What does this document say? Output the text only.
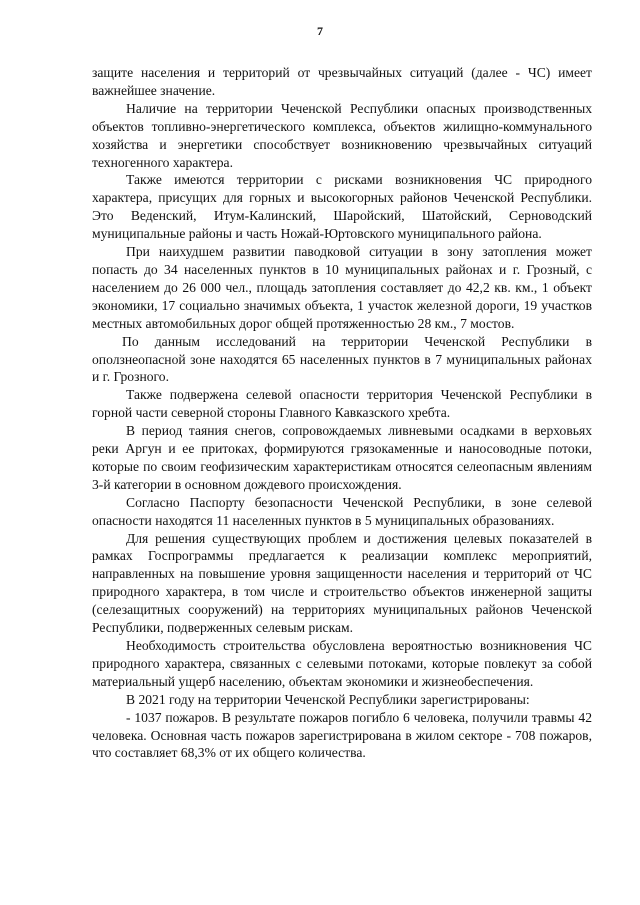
7

защите населения и территорий от чрезвычайных ситуаций (далее - ЧС) имеет важнейшее значение.

Наличие на территории Чеченской Республики опасных производственных объектов топливно-энергетического комплекса, объектов жилищно-коммунального хозяйства и энергетики способствует возникновению чрезвычайных ситуаций техногенного характера.

Также имеются территории с рисками возникновения ЧС природного характера, присущих для горных и высокогорных районов Чеченской Республики. Это Веденский, Итум-Калинский, Шаройский, Шатойский, Серноводский муниципальные районы и часть Ножай-Юртовского муниципального района.

При наихудшем развитии паводковой ситуации в зону затопления может попасть до 34 населенных пунктов в 10 муниципальных районах и г. Грозный, с населением до 26 000 чел., площадь затопления составляет до 42,2 кв. км., 1 объект экономики, 17 социально значимых объекта, 1 участок железной дороги, 19 участков местных автомобильных дорог общей протяженностью 28 км., 7 мостов.

По данным исследований на территории Чеченской Республики в оползнеопасной зоне находятся 65 населенных пунктов в 7 муниципальных районах и г. Грозного.

Также подвержена селевой опасности территория Чеченской Республики в горной части северной стороны Главного Кавказского хребта.

В период таяния снегов, сопровождаемых ливневыми осадками в верховьях реки Аргун и ее притоках, формируются грязокаменные и наносоводные потоки, которые по своим геофизическим характеристикам относятся селеопасным явлениям 3-й категории в основном дождевого происхождения.

Согласно Паспорту безопасности Чеченской Республики, в зоне селевой опасности находятся 11 населенных пунктов в 5 муниципальных образованиях.

Для решения существующих проблем и достижения целевых показателей в рамках Госпрограммы предлагается к реализации комплекс мероприятий, направленных на повышение уровня защищенности населения и территорий от ЧС природного характера, в том числе и строительство объектов инженерной защиты (селезащитных сооружений) на территориях муниципальных районов Чеченской Республики, подверженных селевым рискам.

Необходимость строительства обусловлена вероятностью возникновения ЧС природного характера, связанных с селевыми потоками, которые повлекут за собой материальный ущерб населению, объектам экономики и жизнеобеспечения.

В 2021 году на территории Чеченской Республики зарегистрированы:

- 1037 пожаров. В результате пожаров погибло 6 человека, получили травмы 42 человека. Основная часть пожаров зарегистрирована в жилом секторе - 708 пожаров, что составляет 68,3% от их общего количества.
